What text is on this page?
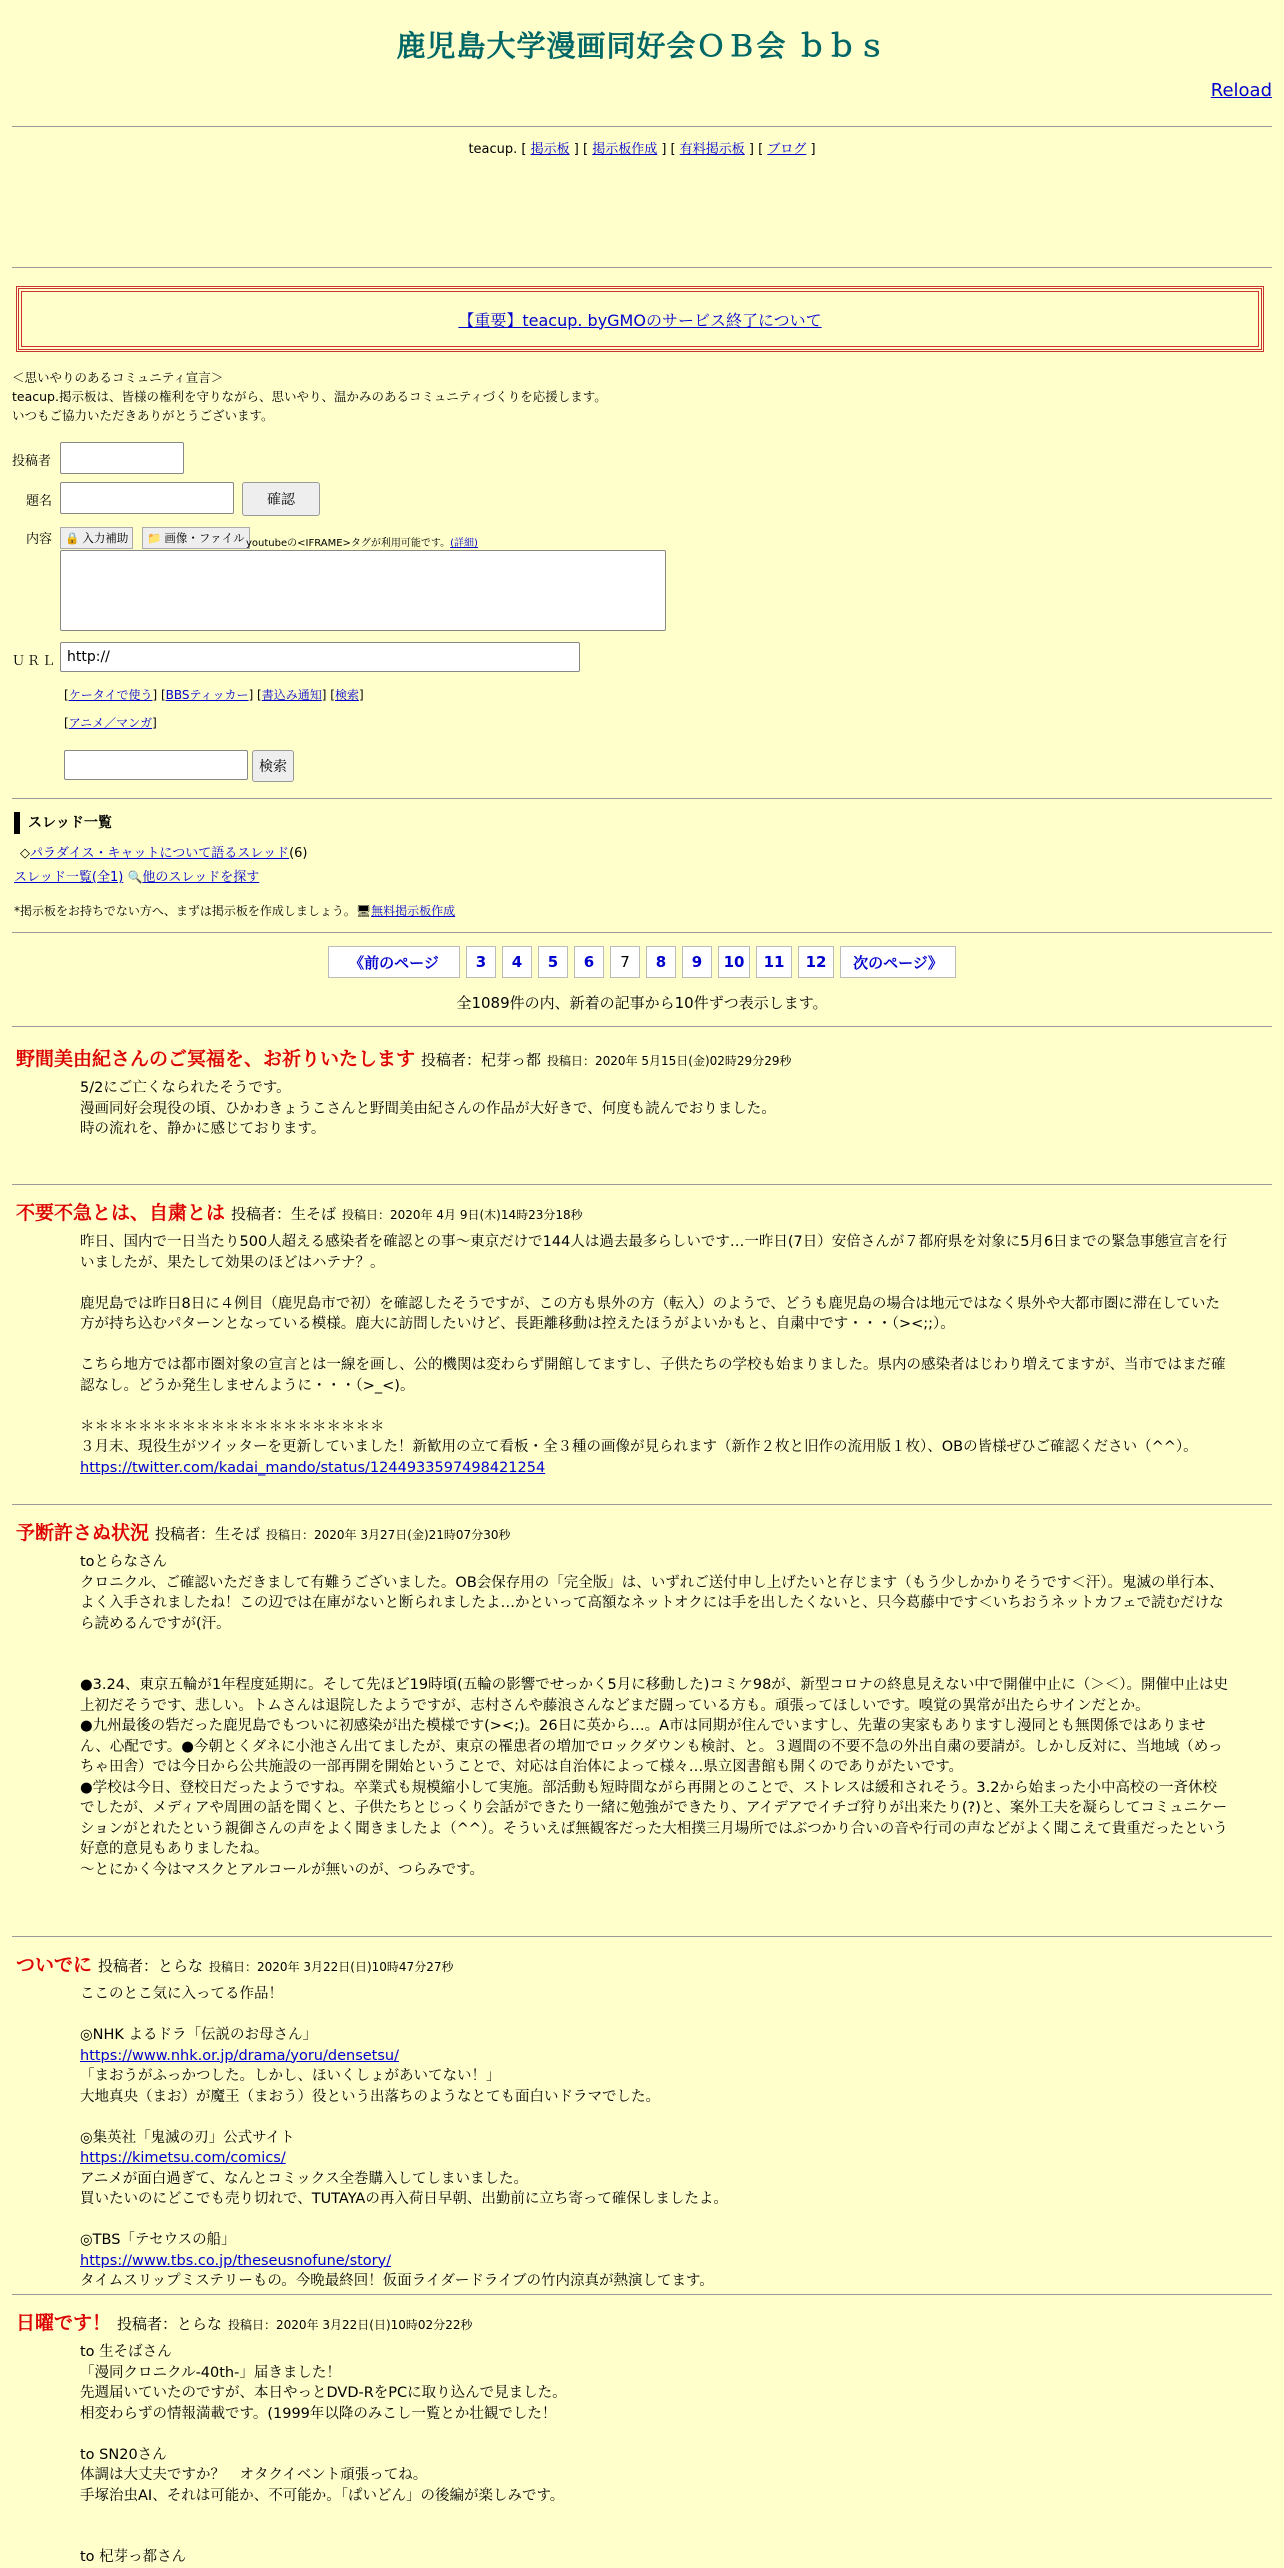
鹿児島大学漫画同好会ＯＢ会 ｂｂｓ
Reload
teacup. [ 掲示板 ] [ 掲示板作成 ] [ 有料掲示板 ] [ ブログ ]
【重要】teacup. byGMOのサービス終了について
＜思いやりのあるコミュニティ宣言＞
teacup.掲示板は、皆様の権利を守りながら、思いやり、温かみのあるコミュニティづくりを応援します。
いつもご協力いただきありがとうございます。
投稿者
題名	確認
内容 🔒 入力補助 📁 画像・ファイル youtubeの<IFRAME>タグが利用可能です。(詳細)
ＵＲＬ http://
[ケータイで使う] [BBSティッカー] [書込み通知] [検索]
[アニメ／マンガ]
検索
スレッド一覧
◇パラダイス・キャットについて語るスレッド(6)
スレッド一覧(全1) 🔍他のスレッドを探す
*掲示板をお持ちでない方へ、まずは掲示板を作成しましょう。🖥無料掲示板作成
《前のページ	3	4	5	6	7	8	9	10	11	12	次のページ》
全1089件の内、新着の記事から10件ずつ表示します。
野間美由紀さんのご冥福を、お祈りいたします 投稿者：杞芽っ都 投稿日：2020年 5月15日(金)02時29分29秒

5/2にご亡くなられたそうです。

漫画同好会現役の頃、ひかわきょうこさんと野間美由紀さんの作品が大好きで、何度も読んでおりました。

時の流れを、静かに感じております。

不要不急とは、自粛とは 投稿者：生そば 投稿日：2020年 4月 9日(木)14時23分18秒

昨日、国内で一日当たり500人超える感染者を確認との事～東京だけで144人は過去最多らしいです…一昨日(7日）安倍さんが７都府県を対象に5月6日までの緊急事態宣言を行いましたが、果たして効果のほどはハテナ？。

鹿児島では昨日8日に４例目（鹿児島市で初）を確認したそうですが、この方も県外の方（転入）のようで、どうも鹿児島の場合は地元ではなく県外や大都市圏に滞在していた方が持ち込むパターンとなっている模様。鹿大に訪問したいけど、長距離移動は控えたほうがよいかもと、自粛中です・・・（><;;）。

こちら地方では都市圏対象の宣言とは一線を画し、公的機関は変わらず開館してますし、子供たちの学校も始まりました。県内の感染者はじわり増えてますが、当市ではまだ確認なし。どうか発生しませんように・・・（>_<)。

＊＊＊＊＊＊＊＊＊＊＊＊＊＊＊＊＊＊＊＊＊

３月末、現役生がツイッターを更新していました！新歓用の立て看板・全３種の画像が見られます（新作２枚と旧作の流用版１枚）、OBの皆様ぜひご確認ください（^^）。

https://twitter.com/kadai_mando/status/1244933597498421254

予断許さぬ状況 投稿者：生そば 投稿日：2020年 3月27日(金)21時07分30秒

toとらなさん

クロニクル、ご確認いただきまして有難うございました。OB会保存用の「完全版」は、いずれご送付申し上げたいと存じます（もう少しかかりそうです＜汗）。鬼滅の単行本、よく入手されましたね！この辺では在庫がないと断られましたよ…かといって高額なネットオクには手を出したくないと、只今葛藤中です＜いちおうネットカフェで読むだけなら読めるんですが(汗。

●3.24、東京五輪が1年程度延期に。そして先ほど19時頃(五輪の影響でせっかく5月に移動した)コミケ98が、新型コロナの終息見えない中で開催中止に（＞＜）。開催中止は史上初だそうです、悲しい。トムさんは退院したようですが、志村さんや藤浪さんなどまだ闘っている方も。頑張ってほしいです。嗅覚の異常が出たらサインだとか。

●九州最後の砦だった鹿児島でもついに初感染が出た模様です(><;)。26日に英から…。A市は同期が住んでいますし、先輩の実家もありますし漫同とも無関係ではありません、心配です。●今朝とくダネに小池さん出てましたが、東京の罹患者の増加でロックダウンも検討、と。３週間の不要不急の外出自粛の要請が。しかし反対に、当地域（めっちゃ田舎）では今日から公共施設の一部再開を開始ということで、対応は自治体によって様々…県立図書館も開くのでありがたいです。

●学校は今日、登校日だったようですね。卒業式も規模縮小して実施。部活動も短時間ながら再開とのことで、ストレスは緩和されそう。3.2から始まった小中高校の一斉休校でしたが、メディアや周囲の話を聞くと、子供たちとじっくり会話ができたり一緒に勉強ができたり、アイデアでイチゴ狩りが出来たり(?)と、案外工夫を凝らしてコミュニケーションがとれたという親御さんの声をよく聞きましたよ（^^）。そういえば無観客だった大相撲三月場所ではぶつかり合いの音や行司の声などがよく聞こえて貴重だったという好意的意見もありましたね。

～とにかく今はマスクとアルコールが無いのが、つらみです。

ついでに 投稿者：とらな 投稿日：2020年 3月22日(日)10時47分27秒

ここのとこ気に入ってる作品！

◎NHK よるドラ「伝説のお母さん」

https://www.nhk.or.jp/drama/yoru/densetsu/

「まおうがふっかつした。しかし、ほいくしょがあいてない！」

大地真央（まお）が魔王（まおう）役という出落ちのようなとても面白いドラマでした。

◎集英社「鬼滅の刃」公式サイト

https://kimetsu.com/comics/

アニメが面白過ぎて、なんとコミックス全巻購入してしまいました。

買いたいのにどこでも売り切れで、TUTAYAの再入荷日早朝、出勤前に立ち寄って確保しましたよ。

◎TBS「テセウスの船」

https://www.tbs.co.jp/theseusnofune/story/

タイムスリップミステリーもの。今晩最終回！仮面ライダードライブの竹内涼真が熱演してます。

日曜です！ 投稿者：とらな 投稿日：2020年 3月22日(日)10時02分22秒

to 生そばさん

「漫同クロニクル-40th-」届きました！

先週届いていたのですが、本日やっとDVD-RをPCに取り込んで見ました。

相変わらずの情報満載です。(1999年以降のみこし一覧とか壮観でした！

to SN20さん

体調は大丈夫ですか？　オタクイベント頑張ってね。

手塚治虫AI、それは可能か、不可能か。「ぱいどん」の後編が楽しみです。

to 杞芽っ都さん
